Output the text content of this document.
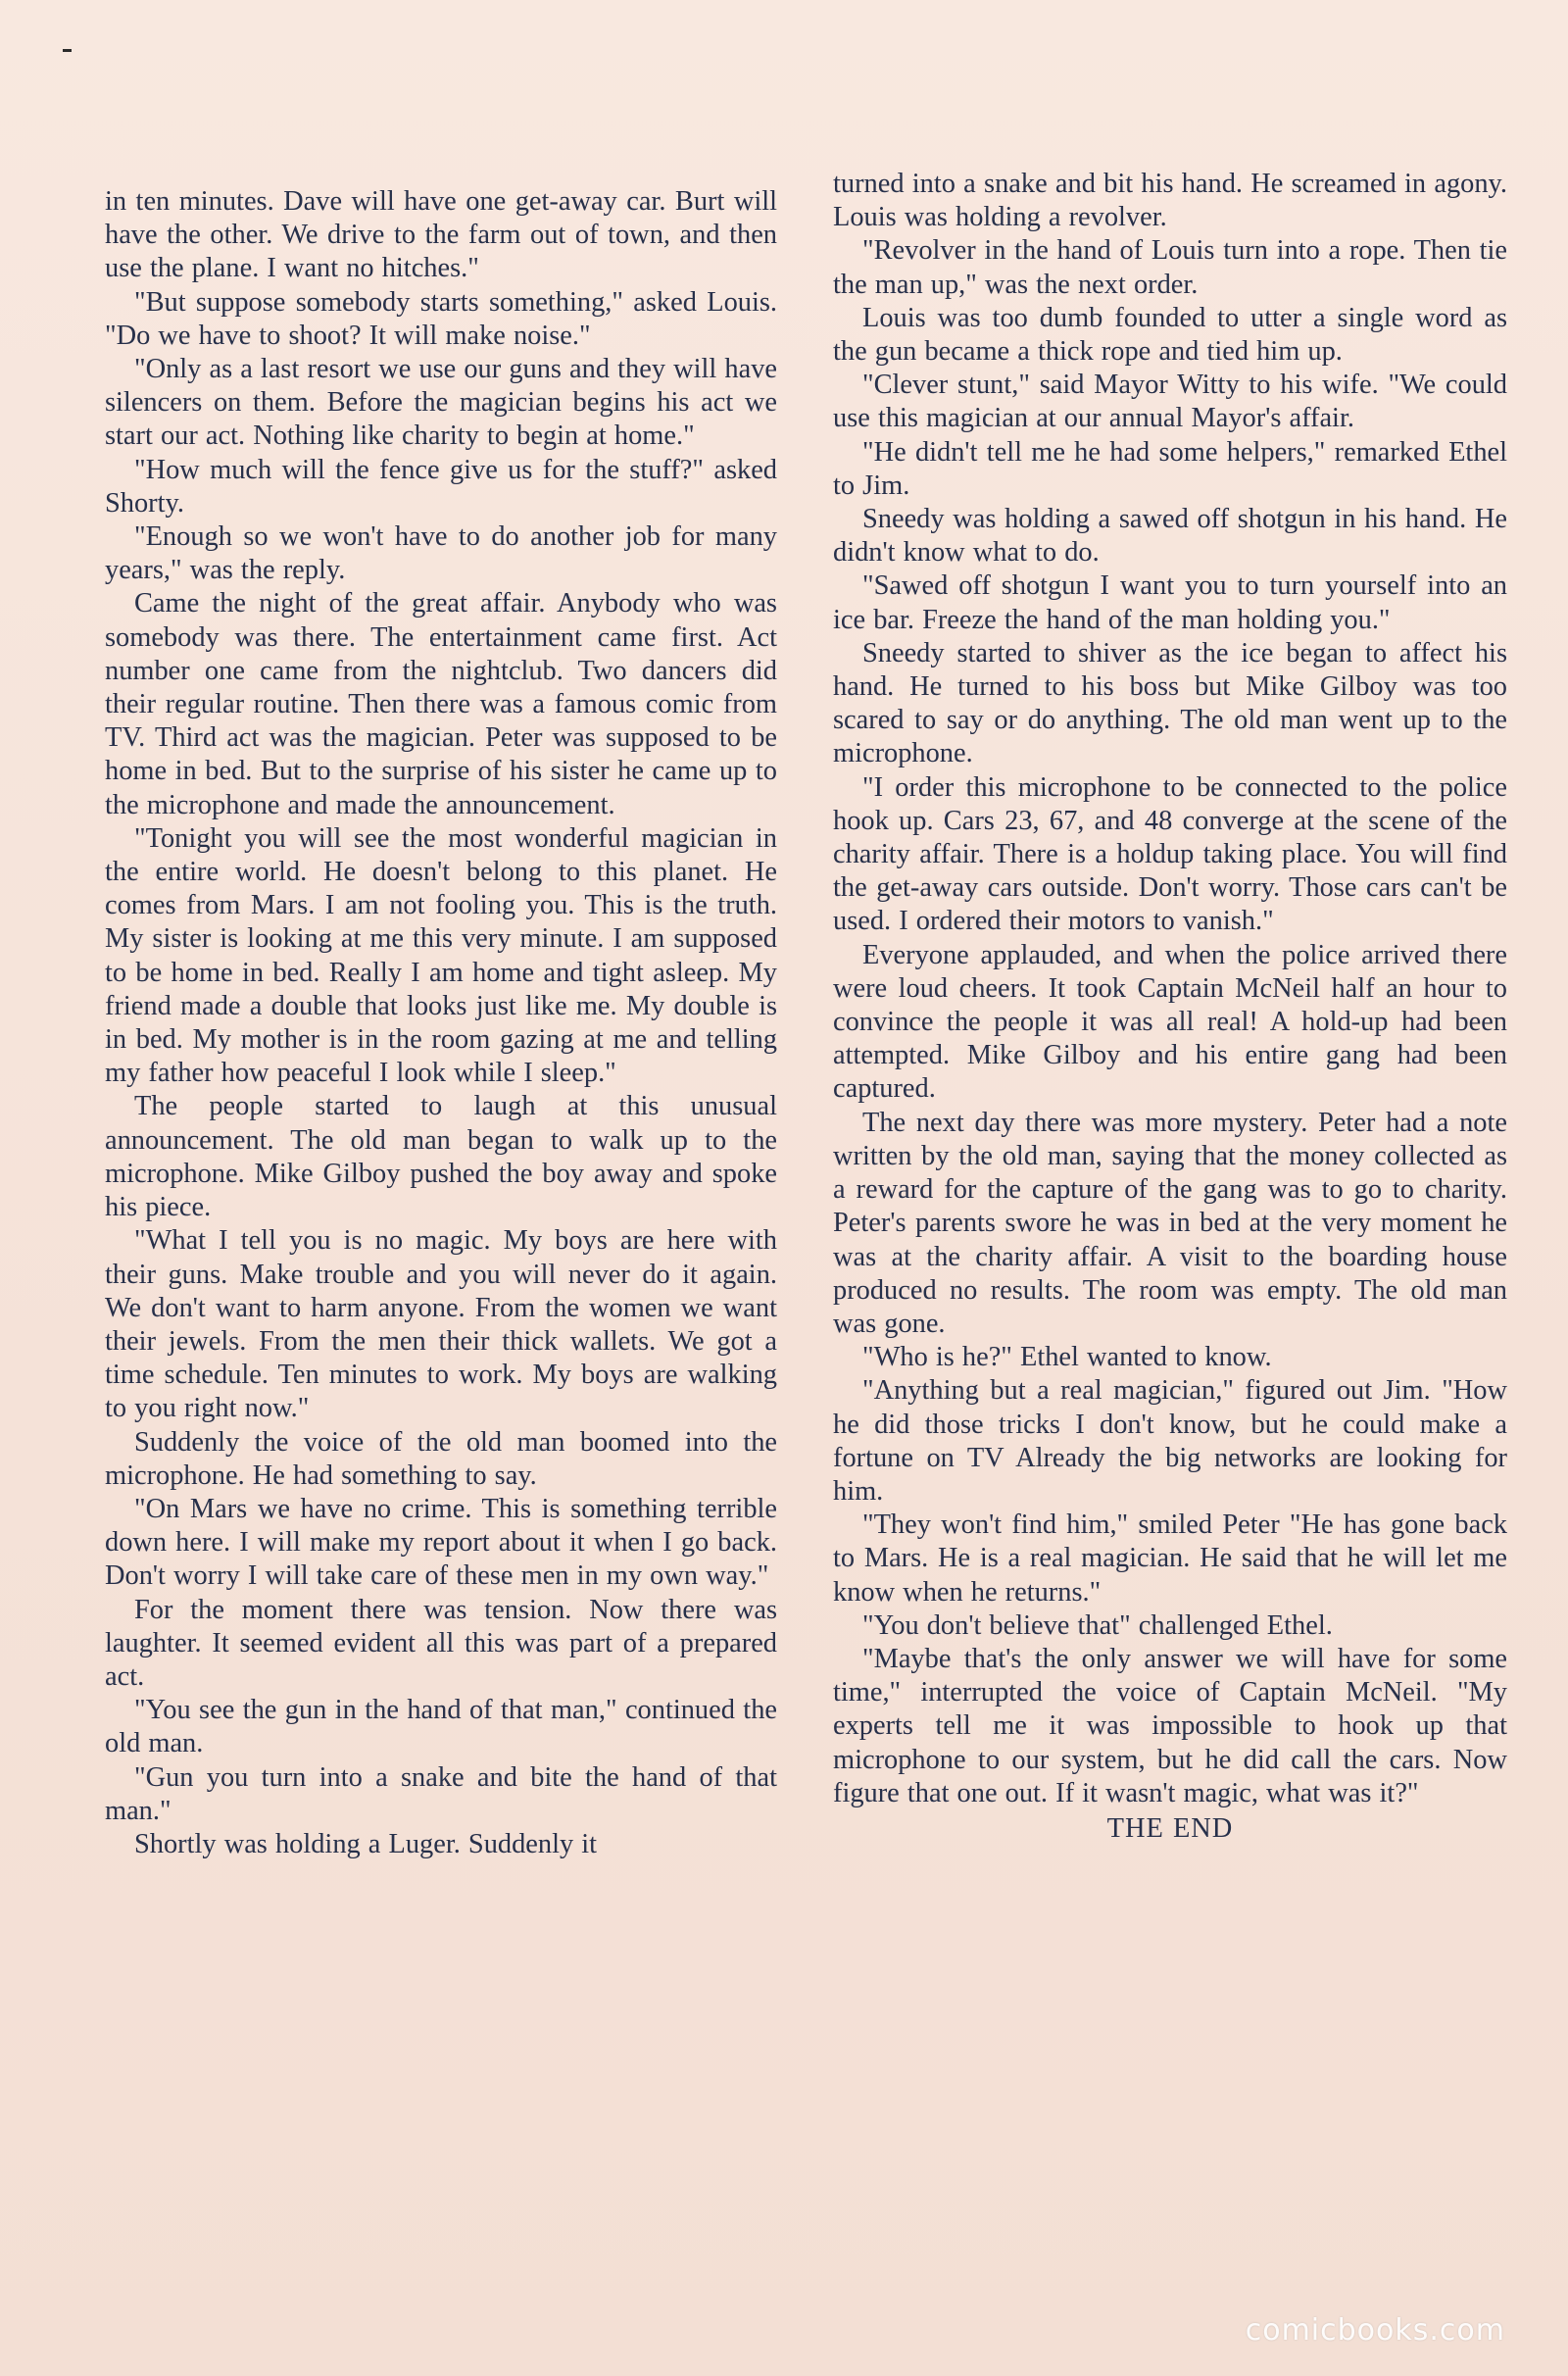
in ten minutes. Dave will have one get-away car. Burt will have the other. We drive to the farm out of town, and then use the plane. I want no hitches."

"But suppose somebody starts something," asked Louis. "Do we have to shoot? It will make noise."

"Only as a last resort we use our guns and they will have silencers on them. Before the magician begins his act we start our act. Nothing like charity to begin at home."

"How much will the fence give us for the stuff?" asked Shorty.

"Enough so we won't have to do another job for many years," was the reply.

Came the night of the great affair. Anybody who was somebody was there. The entertainment came first. Act number one came from the nightclub. Two dancers did their regular routine. Then there was a famous comic from TV. Third act was the magician. Peter was supposed to be home in bed. But to the surprise of his sister he came up to the microphone and made the announcement.

"Tonight you will see the most wonderful magician in the entire world. He doesn't belong to this planet. He comes from Mars. I am not fooling you. This is the truth. My sister is looking at me this very minute. I am supposed to be home in bed. Really I am home and tight asleep. My friend made a double that looks just like me. My double is in bed. My mother is in the room gazing at me and telling my father how peaceful I look while I sleep."

The people started to laugh at this unusual announcement. The old man began to walk up to the microphone. Mike Gilboy pushed the boy away and spoke his piece.

"What I tell you is no magic. My boys are here with their guns. Make trouble and you will never do it again. We don't want to harm anyone. From the women we want their jewels. From the men their thick wallets. We got a time schedule. Ten minutes to work. My boys are walking to you right now."

Suddenly the voice of the old man boomed into the microphone. He had something to say.

"On Mars we have no crime. This is something terrible down here. I will make my report about it when I go back. Don't worry I will take care of these men in my own way."

For the moment there was tension. Now there was laughter. It seemed evident all this was part of a prepared act.

"You see the gun in the hand of that man," continued the old man.

"Gun you turn into a snake and bite the hand of that man."

Shortly was holding a Luger. Suddenly it

turned into a snake and bit his hand. He screamed in agony. Louis was holding a revolver.

"Revolver in the hand of Louis turn into a rope. Then tie the man up," was the next order.

Louis was too dumb founded to utter a single word as the gun became a thick rope and tied him up.

"Clever stunt," said Mayor Witty to his wife. "We could use this magician at our annual Mayor's affair.

"He didn't tell me he had some helpers," remarked Ethel to Jim.

Sneedy was holding a sawed off shotgun in his hand. He didn't know what to do.

"Sawed off shotgun I want you to turn yourself into an ice bar. Freeze the hand of the man holding you."

Sneedy started to shiver as the ice began to affect his hand. He turned to his boss but Mike Gilboy was too scared to say or do anything. The old man went up to the microphone.

"I order this microphone to be connected to the police hook up. Cars 23, 67, and 48 converge at the scene of the charity affair. There is a holdup taking place. You will find the get-away cars outside. Don't worry. Those cars can't be used. I ordered their motors to vanish."

Everyone applauded, and when the police arrived there were loud cheers. It took Captain McNeil half an hour to convince the people it was all real! A hold-up had been attempted. Mike Gilboy and his entire gang had been captured.

The next day there was more mystery. Peter had a note written by the old man, saying that the money collected as a reward for the capture of the gang was to go to charity. Peter's parents swore he was in bed at the very moment he was at the charity affair. A visit to the boarding house produced no results. The room was empty. The old man was gone.

"Who is he?" Ethel wanted to know.

"Anything but a real magician," figured out Jim. "How he did those tricks I don't know, but he could make a fortune on TV Already the big networks are looking for him.

"They won't find him," smiled Peter "He has gone back to Mars. He is a real magician. He said that he will let me know when he returns."

"You don't believe that" challenged Ethel.

"Maybe that's the only answer we will have for some time," interrupted the voice of Captain McNeil. "My experts tell me it was impossible to hook up that microphone to our system, but he did call the cars. Now figure that one out. If it wasn't magic, what was it?"

THE END

comicbooks.com
